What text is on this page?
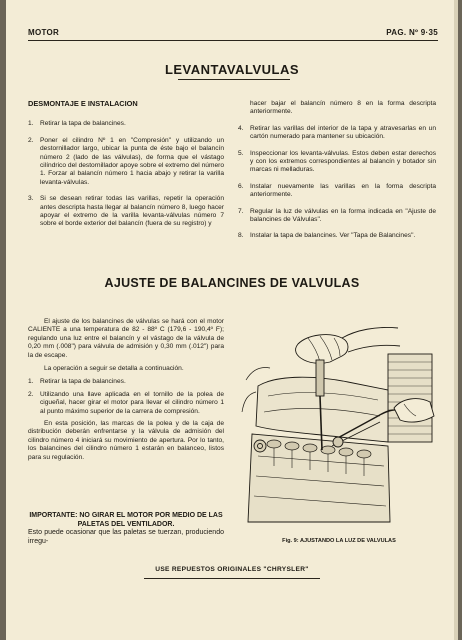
MOTOR	PAG. Nº 9·35
LEVANTAVALVULAS
DESMONTAJE E INSTALACION
1. Retirar la tapa de balancines.
2. Poner el cilindro Nº 1 en "Compresión" y utilizando un destornillador largo, ubicar la punta de éste bajo el balancín número 2 (lado de las válvulas), de forma que el vástago cilíndrico del destornillador apoye sobre el extremo del número 1. Forzar al balancín número 1 hacia abajo y retirar la varilla levanta-válvulas.
3. Si se desean retirar todas las varillas, repetir la operación antes descripta hasta llegar al balancín número 8, luego hacer apoyar el extremo de la varilla levanta-válvulas número 7 sobre el borde exterior del balancín (fuera de su registro) y
hacer bajar el balancín número 8 en la forma descripta anteriormente.
4. Retirar las varillas del interior de la tapa y atravesarlas en un cartón numerado para mantener su ubicación.
5. Inspeccionar los levanta-válvulas. Estos deben estar derechos y con los extremos correspondientes al balancín y botador sin marcas ni melladuras.
6. Instalar nuevamente las varillas en la forma descripta anteriormente.
7. Regular la luz de válvulas en la forma indicada en "Ajuste de balancines de Válvulas".
8. Instalar la tapa de balancines. Ver "Tapa de Balancines".
AJUSTE DE BALANCINES DE VALVULAS

El ajuste de los balancines de válvulas se hará con el motor CALIENTE a una temperatura de 82 - 88º C (179,6 - 190,4º F); regulando una luz entre el balancín y el vástago de la válvula de 0,20 mm (.008") para válvula de admisión y 0,30 mm (.012") para la de escape.

La operación a seguir se detalla a continuación.

1. Retirar la tapa de balancines.
2. Utilizando una llave aplicada en el tornillo de la polea de cigueñal, hacer girar el motor para llevar el cilindro número 1 al punto máximo superior de la carrera de compresión.

En esta posición, las marcas de la polea y de la caja de distribución deberán enfrentarse y la válvula de admisión del cilindro número 4 iniciará su movimiento de apertura. Por lo tanto, los balancines del cilindro número 1 estarán en balanceo, listos para su regulación.

IMPORTANTE: NO GIRAR EL MOTOR POR MEDIO DE LAS PALETAS DEL VENTILADOR.
Esto puede ocasionar que las paletas se tuerzan, produciendo irregu-	Fig. 9: AJUSTANDO LA LUZ DE VALVULAS
USE REPUESTOS ORIGINALES "CHRYSLER"
